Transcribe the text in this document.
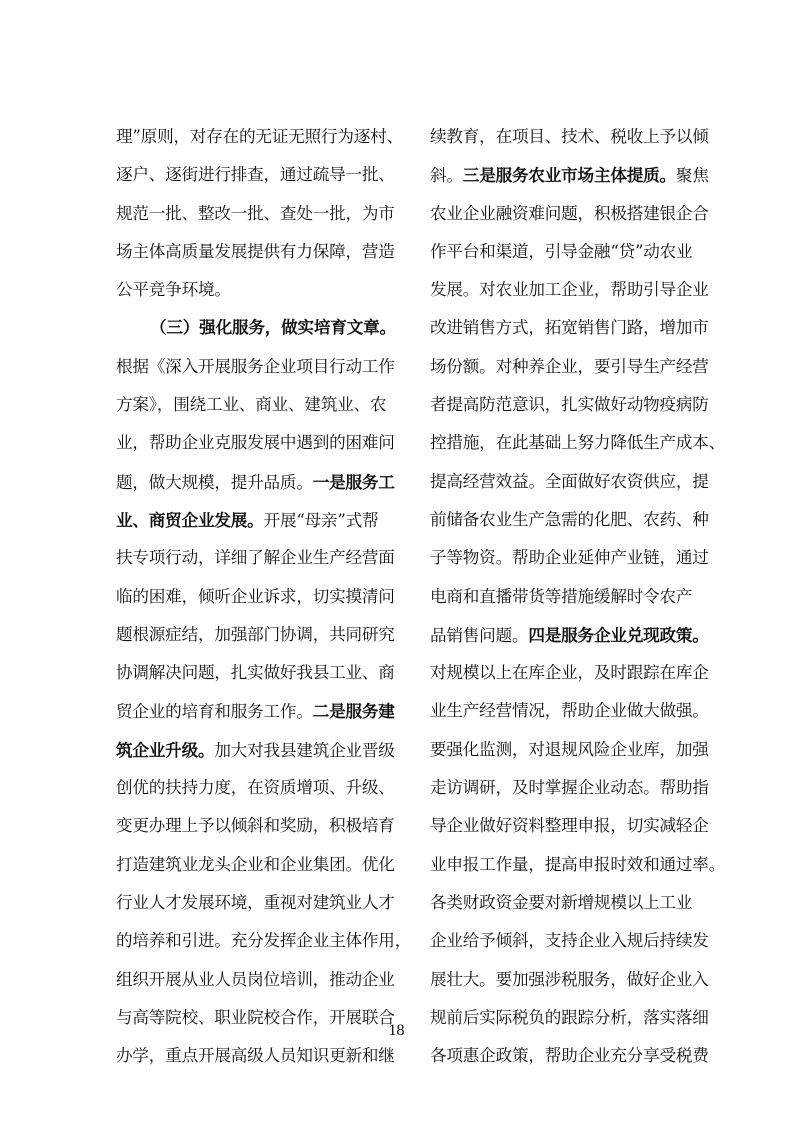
理”原则，对存在的无证无照行为逐村、
逐户、逐街进行排查，通过疏导一批、
规范一批、整改一批、查处一批，为市
场主体高质量发展提供有力保障，营造
公平竞争环境。
（三）强化服务，做实培育文章。
根据《深入开展服务企业项目行动工作
方案》，围绕工业、商业、建筑业、农
业，帮助企业克服发展中遇到的困难问
题，做大规模，提升品质。一是服务工
业、商贸企业发展。开展“母亲”式帮
扶专项行动，详细了解企业生产经营面
临的困难，倾听企业诉求，切实摸清问
题根源症结，加强部门协调，共同研究
协调解决问题，扎实做好我县工业、商
贸企业的培育和服务工作。二是服务建
筑企业升级。加大对我县建筑企业晋级
创优的扶持力度，在资质增项、升级、
变更办理上予以倾斜和奖励，积极培育
打造建筑业龙头企业和企业集团。优化
行业人才发展环境，重视对建筑业人才
的培养和引进。充分发挥企业主体作用，
组织开展从业人员岗位培训，推动企业
与高等院校、职业院校合作，开展联合
办学，重点开展高级人员知识更新和继
续教育，在项目、技术、税收上予以倾
斜。三是服务农业市场主体提质。聚焦
农业企业融资难问题，积极搭建银企合
作平台和渠道，引导金融“贷”动农业
发展。对农业加工企业，帮助引导企业
改进销售方式，拓宽销售门路，增加市
场份额。对种养企业，要引导生产经营
者提高防范意识，扎实做好动物疫病防
控措施，在此基础上努力降低生产成本、
提高经营效益。全面做好农资供应，提
前储备农业生产急需的化肥、农药、种
子等物资。帮助企业延伸产业链，通过
电商和直播带货等措施缓解时令农产
品销售问题。四是服务企业兑现政策。
对规模以上在库企业，及时跟踪在库企
业生产经营情况，帮助企业做大做强。
要强化监测，对退规风险企业库，加强
走访调研，及时掌握企业动态。帮助指
导企业做好资料整理申报，切实减轻企
业申报工作量，提高申报时效和通过率。
各类财政资金要对新增规模以上工业
企业给予倾斜，支持企业入规后持续发
展壮大。要加强涉税服务，做好企业入
规前后实际税负的跟踪分析，落实落细
各项惠企政策，帮助企业充分享受税费
18
